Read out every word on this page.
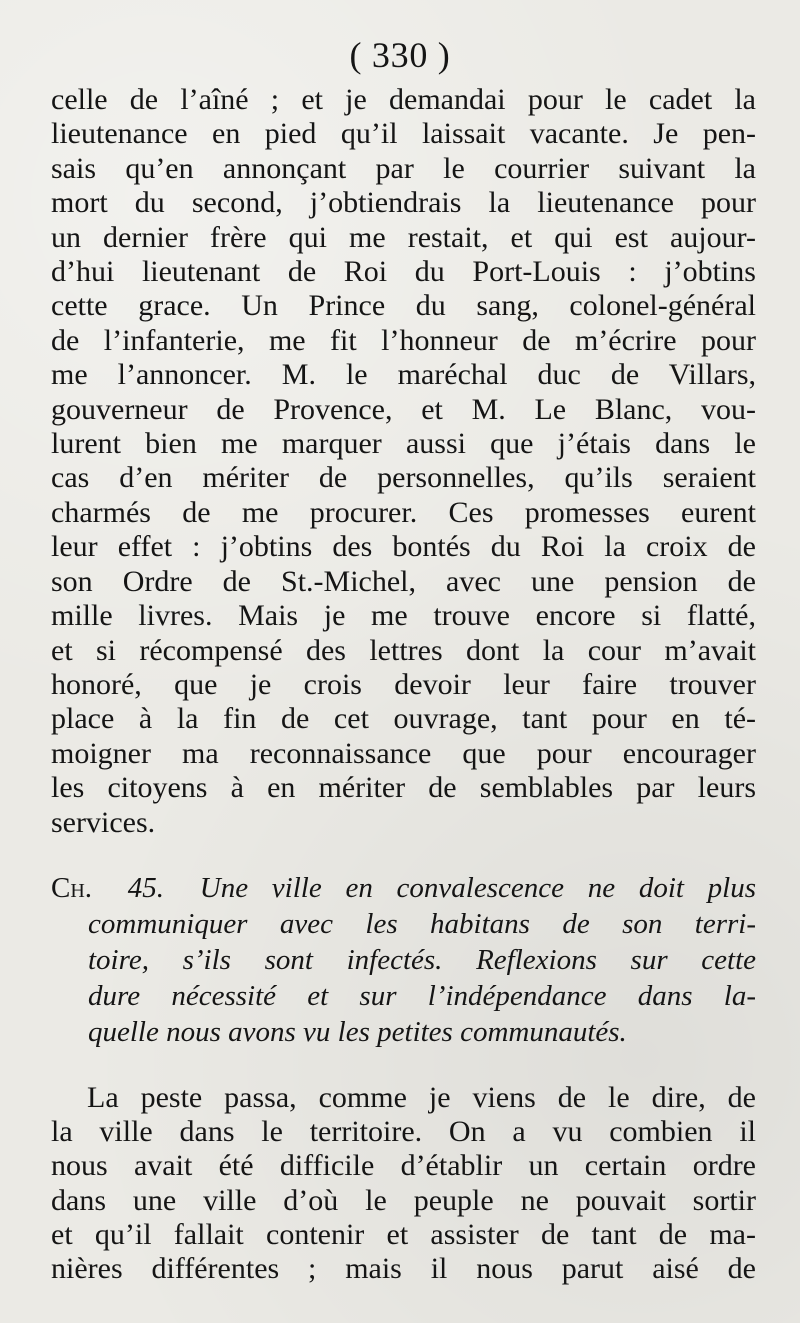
( 330 )
celle de l’aîné ; et je demandai pour le cadet la
lieutenance en pied qu’il laissait vacante. Je pen-
sais qu’en annonçant par le courrier suivant la
mort du second, j’obtiendrais la lieutenance pour
un dernier frère qui me restait, et qui est aujour-
d’hui lieutenant de Roi du Port-Louis : j’obtins
cette grace. Un Prince du sang, colonel-général
de l’infanterie, me fit l’honneur de m’écrire pour
me l’annoncer. M. le maréchal duc de Villars,
gouverneur de Provence, et M. Le Blanc, vou-
lurent bien me marquer aussi que j’étais dans le
cas d’en mériter de personnelles, qu’ils seraient
charmés de me procurer. Ces promesses eurent
leur effet : j’obtins des bontés du Roi la croix de
son Ordre de St.-Michel, avec une pension de
mille livres. Mais je me trouve encore si flatté,
et si récompensé des lettres dont la cour m’avait
honoré, que je crois devoir leur faire trouver
place à la fin de cet ouvrage, tant pour en té-
moigner ma reconnaissance que pour encourager
les citoyens à en mériter de semblables par leurs
services.
Ch. 45. Une ville en convalescence ne doit plus
communiquer avec les habitans de son terri-
toire, s’ils sont infectés. Reflexions sur cette
dure nécessité et sur l’indépendance dans la-
quelle nous avons vu les petites communautés.
La peste passa, comme je viens de le dire, de
la ville dans le territoire. On a vu combien il
nous avait été difficile d’établir un certain ordre
dans une ville d’où le peuple ne pouvait sortir
et qu’il fallait contenir et assister de tant de ma-
nières différentes ; mais il nous parut aisé de
